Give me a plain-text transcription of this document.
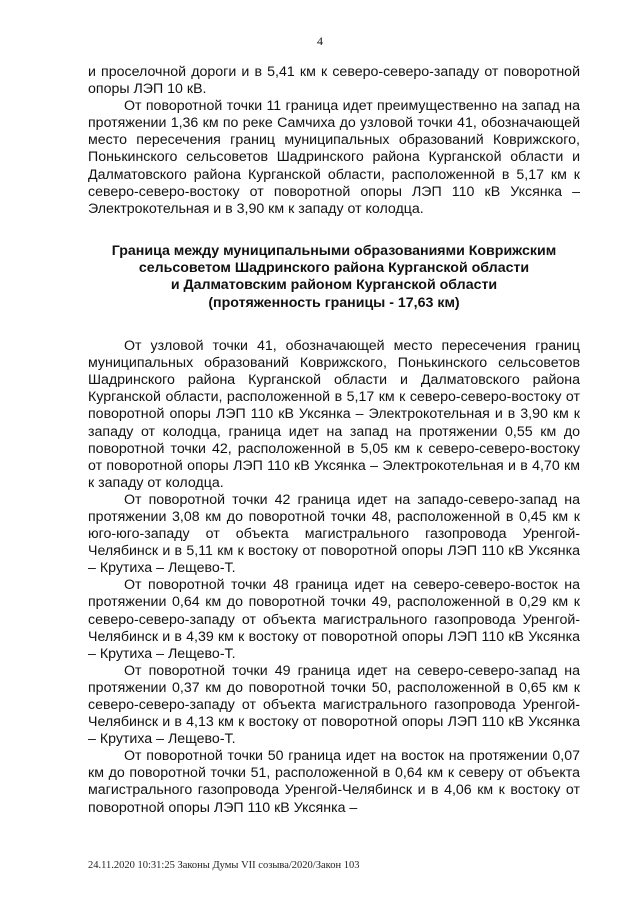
4

и проселочной дороги и в 5,41 км к северо-северо-западу от поворотной опоры ЛЭП 10 кВ.

От поворотной точки 11 граница идет преимущественно на запад на протяжении 1,36 км по реке Самчиха до узловой точки 41, обозначающей место пересечения границ муниципальных образований Коврижского, Понькинского сельсоветов Шадринского района Курганской области и Далматовского района Курганской области, расположенной в 5,17 км к северо-северо-востоку от поворотной опоры ЛЭП 110 кВ Уксянка – Электрокотельная и в 3,90 км к западу от колодца.

Граница между муниципальными образованиями Коврижским
сельсоветом Шадринского района Курганской области
и Далматовским районом Курганской области
(протяженность границы - 17,63 км)

От узловой точки 41, обозначающей место пересечения границ муниципальных образований Коврижского, Понькинского сельсоветов Шадринского района Курганской области и Далматовского района Курганской области, расположенной в 5,17 км к северо-северо-востоку от поворотной опоры ЛЭП 110 кВ Уксянка – Электрокотельная и в 3,90 км к западу от колодца, граница идет на запад на протяжении 0,55 км до поворотной точки 42, расположенной в 5,05 км к северо-северо-востоку от поворотной опоры ЛЭП 110 кВ Уксянка – Электрокотельная и в 4,70 км к западу от колодца.

От поворотной точки 42 граница идет на западо-северо-запад на протяжении 3,08 км до поворотной точки 48, расположенной в 0,45 км к юго-юго-западу от объекта магистрального газопровода Уренгой-Челябинск и в 5,11 км к востоку от поворотной опоры ЛЭП 110 кВ Уксянка – Крутиха – Лещево-Т.

От поворотной точки 48 граница идет на северо-северо-восток на протяжении 0,64 км до поворотной точки 49, расположенной в 0,29 км к северо-северо-западу от объекта магистрального газопровода Уренгой-Челябинск и в 4,39 км к востоку от поворотной опоры ЛЭП 110 кВ Уксянка – Крутиха – Лещево-Т.

От поворотной точки 49 граница идет на северо-северо-запад на протяжении 0,37 км до поворотной точки 50, расположенной в 0,65 км к северо-северо-западу от объекта магистрального газопровода Уренгой-Челябинск и в 4,13 км к востоку от поворотной опоры ЛЭП 110 кВ Уксянка – Крутиха – Лещево-Т.

От поворотной точки 50 граница идет на восток на протяжении 0,07 км до поворотной точки 51, расположенной в 0,64 км к северу от объекта магистрального газопровода Уренгой-Челябинск и в 4,06 км к востоку от поворотной опоры ЛЭП 110 кВ Уксянка –

24.11.2020 10:31:25 Законы Думы VII созыва/2020/Закон 103
